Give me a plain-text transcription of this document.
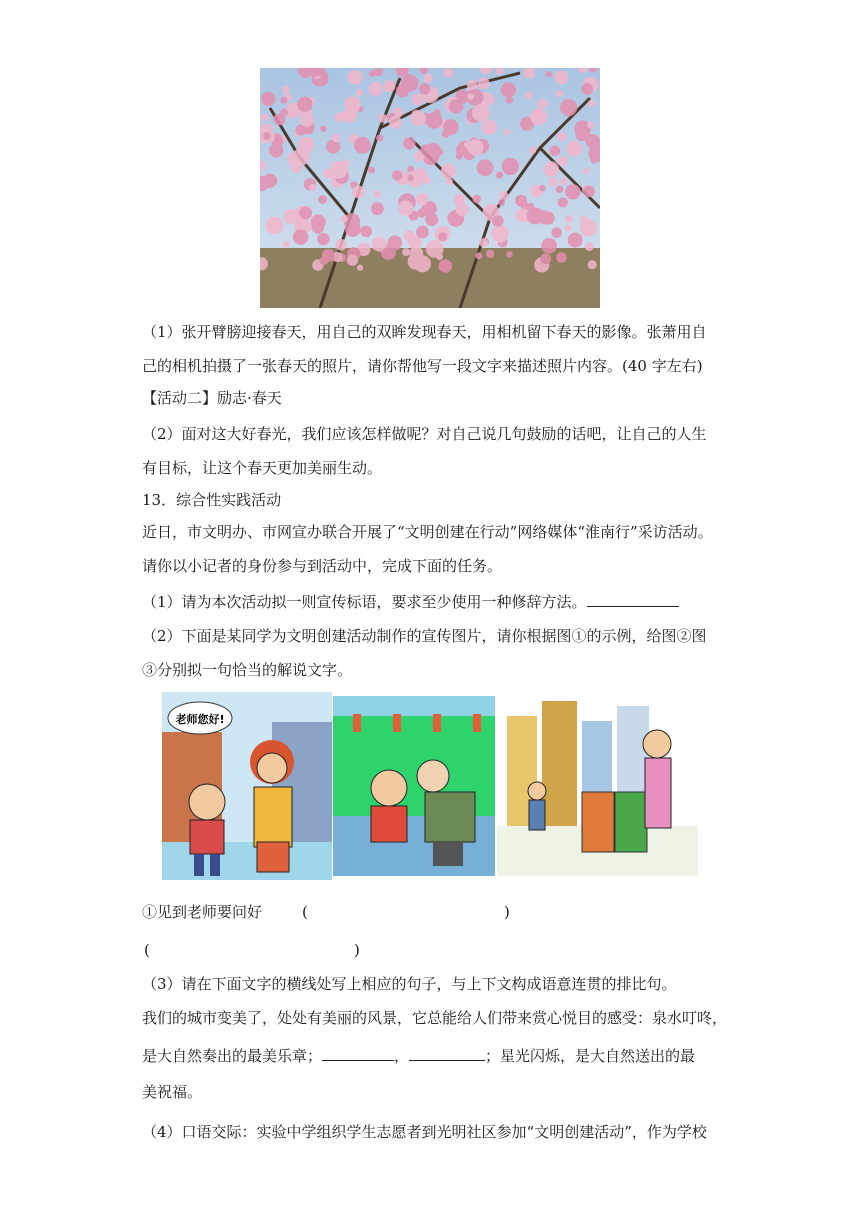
（1）张开臂膀迎接春天，用自己的双眸发现春天，用相机留下春天的影像。张萧用自
己的相机拍摄了一张春天的照片，请你帮他写一段文字来描述照片内容。(40 字左右)
【活动二】励志·春天
（2）面对这大好春光，我们应该怎样做呢？对自己说几句鼓励的话吧，让自己的人生
有目标，让这个春天更加美丽生动。
13．综合性实践活动
近日，市文明办、市网宣办联合开展了“文明创建在行动”网络媒体“淮南行”采访活动。
请你以小记者的身份参与到活动中，完成下面的任务。
（1）请为本次活动拟一则宣传标语，要求至少使用一种修辞方法。
（2）下面是某同学为文明创建活动制作的宣传图片，请你根据图①的示例，给图②图
③分别拟一句恰当的解说文字。
老师您好!
①见到老师要问好	(	)
(	)
（3）请在下面文字的横线处写上相应的句子，与上下文构成语意连贯的排比句。
我们的城市变美了，处处有美丽的风景，它总能给人们带来赏心悦目的感受：泉水叮咚，
是大自然奏出的最美乐章；	，	；星光闪烁，是大自然送出的最
美祝福。
（4）口语交际：实验中学组织学生志愿者到光明社区参加“文明创建活动”，作为学校
